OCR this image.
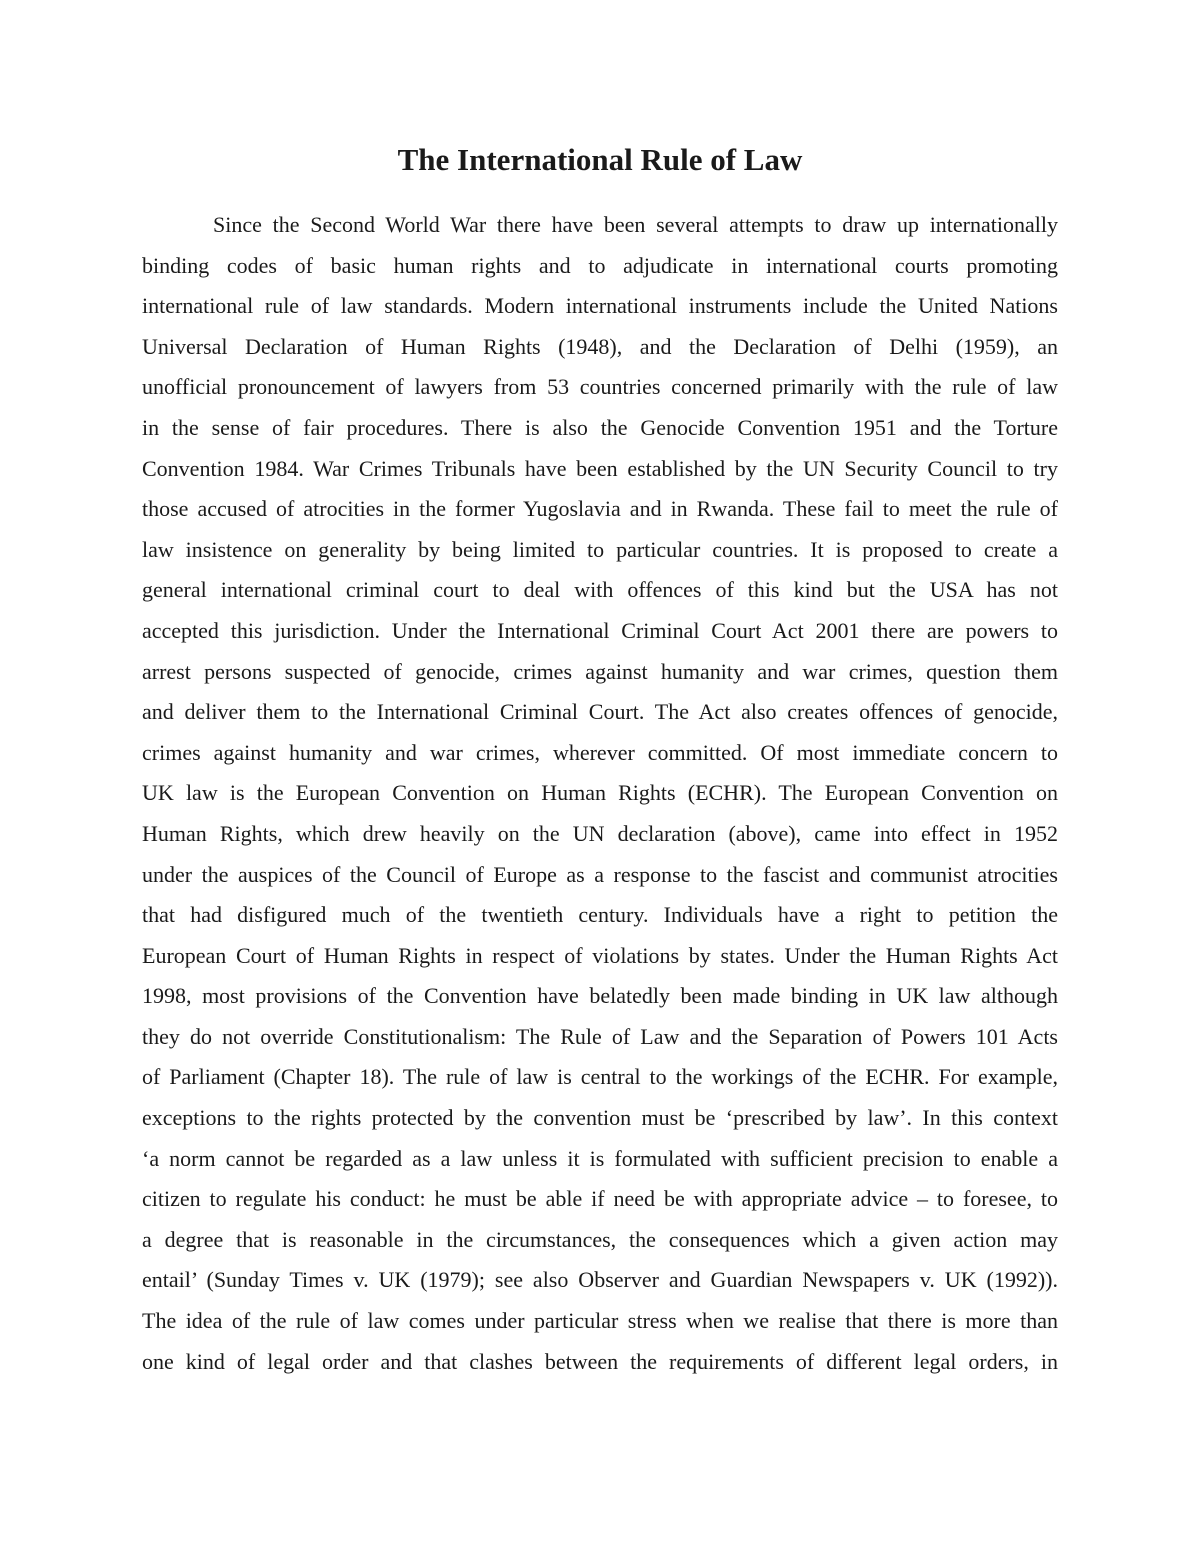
The International Rule of Law
Since the Second World War there have been several attempts to draw up internationally
binding codes of basic human rights and to adjudicate in international courts promoting
international rule of law standards. Modern international instruments include the United Nations
Universal Declaration of Human Rights (1948), and the Declaration of Delhi (1959), an
unofficial pronouncement of lawyers from 53 countries concerned primarily with the rule of law
in the sense of fair procedures. There is also the Genocide Convention 1951 and the Torture
Convention 1984. War Crimes Tribunals have been established by the UN Security Council to try
those accused of atrocities in the former Yugoslavia and in Rwanda. These fail to meet the rule of
law insistence on generality by being limited to particular countries. It is proposed to create a
general international criminal court to deal with offences of this kind but the USA has not
accepted this jurisdiction. Under the International Criminal Court Act 2001 there are powers to
arrest persons suspected of genocide, crimes against humanity and war crimes, question them
and deliver them to the International Criminal Court. The Act also creates offences of genocide,
crimes against humanity and war crimes, wherever committed. Of most immediate concern to
UK law is the European Convention on Human Rights (ECHR). The European Convention on
Human Rights, which drew heavily on the UN declaration (above), came into effect in 1952
under the auspices of the Council of Europe as a response to the fascist and communist atrocities
that had disfigured much of the twentieth century. Individuals have a right to petition the
European Court of Human Rights in respect of violations by states. Under the Human Rights Act
1998, most provisions of the Convention have belatedly been made binding in UK law although
they do not override Constitutionalism: The Rule of Law and the Separation of Powers 101 Acts
of Parliament (Chapter 18). The rule of law is central to the workings of the ECHR. For example,
exceptions to the rights protected by the convention must be ‘prescribed by law’. In this context
‘a norm cannot be regarded as a law unless it is formulated with sufficient precision to enable a
citizen to regulate his conduct: he must be able if need be with appropriate advice – to foresee, to
a degree that is reasonable in the circumstances, the consequences which a given action may
entail’ (Sunday Times v. UK (1979); see also Observer and Guardian Newspapers v. UK (1992)).
The idea of the rule of law comes under particular stress when we realise that there is more than
one kind of legal order and that clashes between the requirements of different legal orders, in
